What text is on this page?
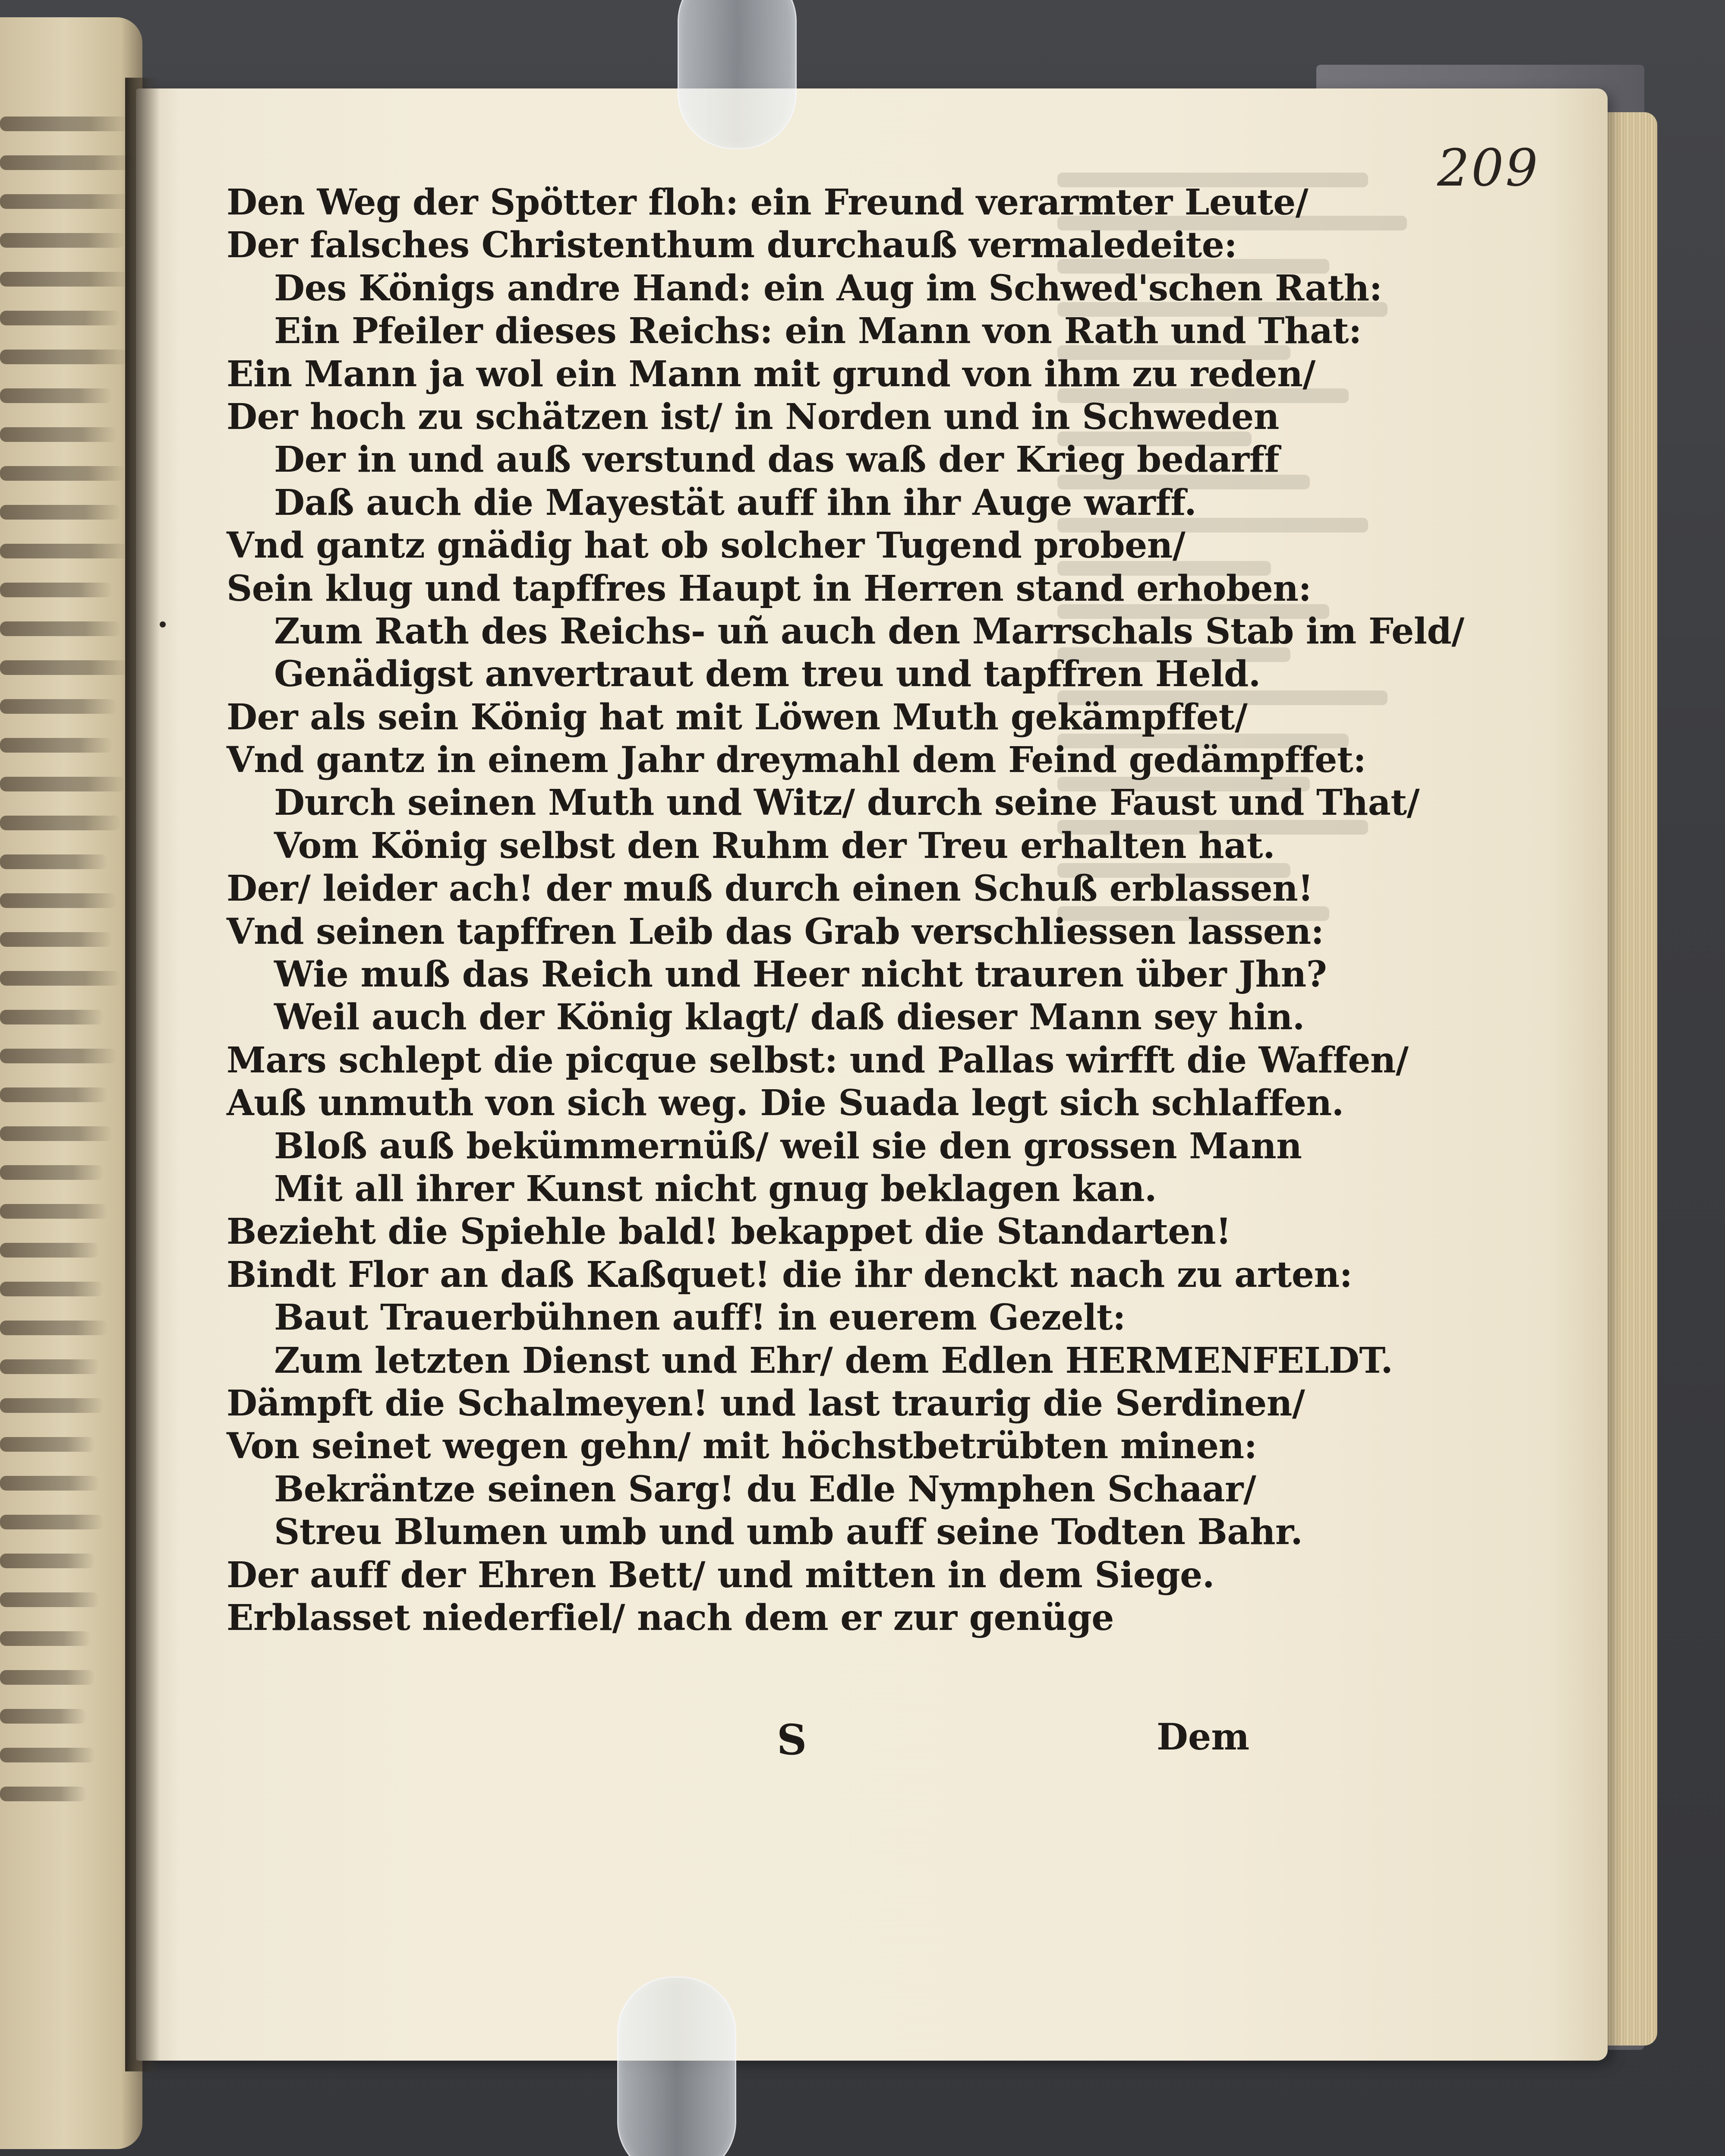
209
Den Weg der Spötter floh: ein Freund verarmter Leute/
Der falsches Christenthum durchauß vermaledeite:
Des Königs andre Hand: ein Aug im Schwed'schen Rath:
Ein Pfeiler dieses Reichs: ein Mann von Rath und That:
Ein Mann ja wol ein Mann mit grund von ihm zu reden/
Der hoch zu schätzen ist/ in Norden und in Schweden
Der in und auß verstund das waß der Krieg bedarff
Daß auch die Mayestät auff ihn ihr Auge warff.
Vnd gantz gnädig hat ob solcher Tugend proben/
Sein klug und tapffres Haupt in Herren stand erhoben:
Zum Rath des Reichs- uñ auch den Marrschals Stab im Feld/
Genädigst anvertraut dem treu und tapffren Held.
Der als sein König hat mit Löwen Muth gekämpffet/
Vnd gantz in einem Jahr dreymahl dem Feind gedämpffet:
Durch seinen Muth und Witz/ durch seine Faust und That/
Vom König selbst den Ruhm der Treu erhalten hat.
Der/ leider ach! der muß durch einen Schuß erblassen!
Vnd seinen tapffren Leib das Grab verschliessen lassen:
Wie muß das Reich und Heer nicht trauren über Jhn?
Weil auch der König klagt/ daß dieser Mann sey hin.
Mars schlept die picque selbst: und Pallas wirfft die Waffen/
Auß unmuth von sich weg. Die Suada legt sich schlaffen.
Bloß auß bekümmernüß/ weil sie den grossen Mann
Mit all ihrer Kunst nicht gnug beklagen kan.
Bezieht die Spiehle bald! bekappet die Standarten!
Bindt Flor an daß Kaßquet! die ihr denckt nach zu arten:
Baut Trauerbühnen auff! in euerem Gezelt:
Zum letzten Dienst und Ehr/ dem Edlen HERMENFELDT.
Dämpft die Schalmeyen! und last traurig die Serdinen/
Von seinet wegen gehn/ mit höchstbetrübten minen:
Bekräntze seinen Sarg! du Edle Nymphen Schaar/
Streu Blumen umb und umb auff seine Todten Bahr.
Der auff der Ehren Bett/ und mitten in dem Siege.
Erblasset niederfiel/ nach dem er zur genüge
S	Dem
